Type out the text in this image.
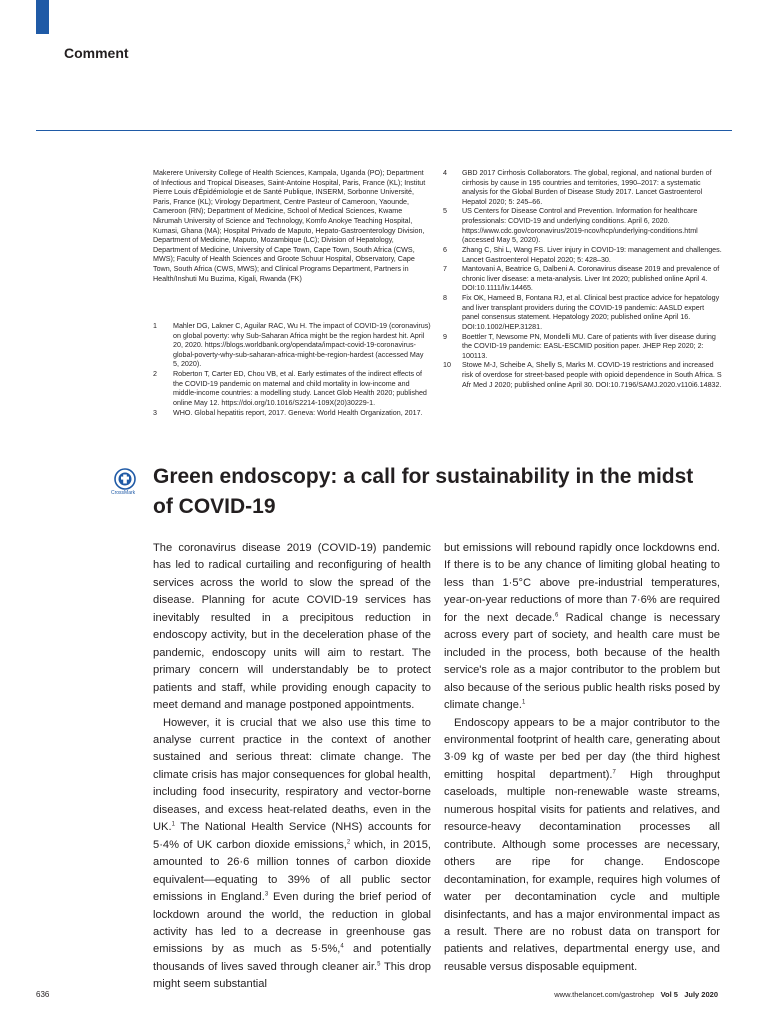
Comment

Makerere University College of Health Sciences, Kampala, Uganda (PO); Department of Infectious and Tropical Diseases, Saint-Antoine Hospital, Paris, France (KL); Institut Pierre Louis d'Épidémiologie et de Santé Publique, INSERM, Sorbonne Université, Paris, France (KL); Virology Department, Centre Pasteur of Cameroon, Yaounde, Cameroon (RN); Department of Medicine, School of Medical Sciences, Kwame Nkrumah University of Science and Technology, Komfo Anokye Teaching Hospital, Kumasi, Ghana (MA); Hospital Privado de Maputo, Hepato-Gastroenterology Division, Department of Medicine, Maputo, Mozambique (LC); Division of Hepatology, Department of Medicine, University of Cape Town, Cape Town, South Africa (CWS, MWS); Faculty of Health Sciences and Groote Schuur Hospital, Observatory, Cape Town, South Africa (CWS, MWS); and Clinical Programs Department, Partners in Health/Inshuti Mu Buzima, Kigali, Rwanda (FK)

1 Mahler DG, Lakner C, Aguilar RAC, Wu H. The impact of COVID-19 (coronavirus) on global poverty: why Sub-Saharan Africa might be the region hardest hit. April 20, 2020. https://blogs.worldbank.org/opendata/impact-covid-19-coronavirus-global-poverty-why-sub-saharan-africa-might-be-region-hardest (accessed May 5, 2020).
2 Roberton T, Carter ED, Chou VB, et al. Early estimates of the indirect effects of the COVID-19 pandemic on maternal and child mortality in low-income and middle-income countries: a modelling study. Lancet Glob Health 2020; published online May 12. https://doi.org/10.1016/S2214-109X(20)30229-1.
3 WHO. Global hepatitis report, 2017. Geneva: World Health Organization, 2017.
4 GBD 2017 Cirrhosis Collaborators. The global, regional, and national burden of cirrhosis by cause in 195 countries and territories, 1990–2017: a systematic analysis for the Global Burden of Disease Study 2017. Lancet Gastroenterol Hepatol 2020; 5: 245–66.
5 US Centers for Disease Control and Prevention. Information for healthcare professionals: COVID-19 and underlying conditions. April 6, 2020. https://www.cdc.gov/coronavirus/2019-ncov/hcp/underlying-conditions.html (accessed May 5, 2020).
6 Zhang C, Shi L, Wang FS. Liver injury in COVID-19: management and challenges. Lancet Gastroenterol Hepatol 2020; 5: 428–30.
7 Mantovani A, Beatrice G, Dalbeni A. Coronavirus disease 2019 and prevalence of chronic liver disease: a meta-analysis. Liver Int 2020; published online April 4. DOI:10.1111/liv.14465.
8 Fix OK, Hameed B, Fontana RJ, et al. Clinical best practice advice for hepatology and liver transplant providers during the COVID-19 pandemic: AASLD expert panel consensus statement. Hepatology 2020; published online April 16. DOI:10.1002/HEP.31281.
9 Boettler T, Newsome PN, Mondelli MU. Care of patients with liver disease during the COVID-19 pandemic: EASL-ESCMID position paper. JHEP Rep 2020; 2: 100113.
10 Stowe M-J, Scheibe A, Shelly S, Marks M. COVID-19 restrictions and increased risk of overdose for street-based people with opioid dependence in South Africa. S Afr Med J 2020; published online April 30. DOI:10.7196/SAMJ.2020.v110i6.14832.
CrossMark
Green endoscopy: a call for sustainability in the midst of COVID-19

The coronavirus disease 2019 (COVID-19) pandemic has led to radical curtailing and reconfiguring of health services across the world to slow the spread of the disease. Planning for acute COVID-19 services has inevitably resulted in a precipitous reduction in endoscopy activity, but in the deceleration phase of the pandemic, endoscopy units will aim to restart. The primary concern will understandably be to protect patients and staff, while providing enough capacity to meet demand and manage postponed appointments.

However, it is crucial that we also use this time to analyse current practice in the context of another sustained and serious threat: climate change. The climate crisis has major consequences for global health, including food insecurity, respiratory and vector-borne diseases, and excess heat-related deaths, even in the UK.$^1$ The National Health Service (NHS) accounts for 5·4% of UK carbon dioxide emissions,$^2$ which, in 2015, amounted to 26·6 million tonnes of carbon dioxide equivalent—equating to 39% of all public sector emissions in England.$^3$ Even during the brief period of lockdown around the world, the reduction in global activity has led to a decrease in greenhouse gas emissions by as much as 5·5%,$^4$ and potentially thousands of lives saved through cleaner air.$^5$ This drop might seem substantial

but emissions will rebound rapidly once lockdowns end. If there is to be any chance of limiting global heating to less than 1·5°C above pre-industrial temperatures, year-on-year reductions of more than 7·6% are required for the next decade.$^6$ Radical change is necessary across every part of society, and health care must be included in the process, both because of the health service's role as a major contributor to the problem but also because of the serious public health risks posed by climate change.$^1$

Endoscopy appears to be a major contributor to the environmental footprint of health care, generating about 3·09 kg of waste per bed per day (the third highest emitting hospital department).$^7$ High throughput caseloads, multiple non-renewable waste streams, numerous hospital visits for patients and relatives, and resource-heavy decontamination processes all contribute. Although some processes are necessary, others are ripe for change. Endoscope decontamination, for example, requires high volumes of water per decontamination cycle and multiple disinfectants, and has a major environmental impact as a result. There are no robust data on transport for patients and relatives, departmental energy use, and reusable versus disposable equipment.

636	www.thelancet.com/gastrohep Vol 5 July 2020
